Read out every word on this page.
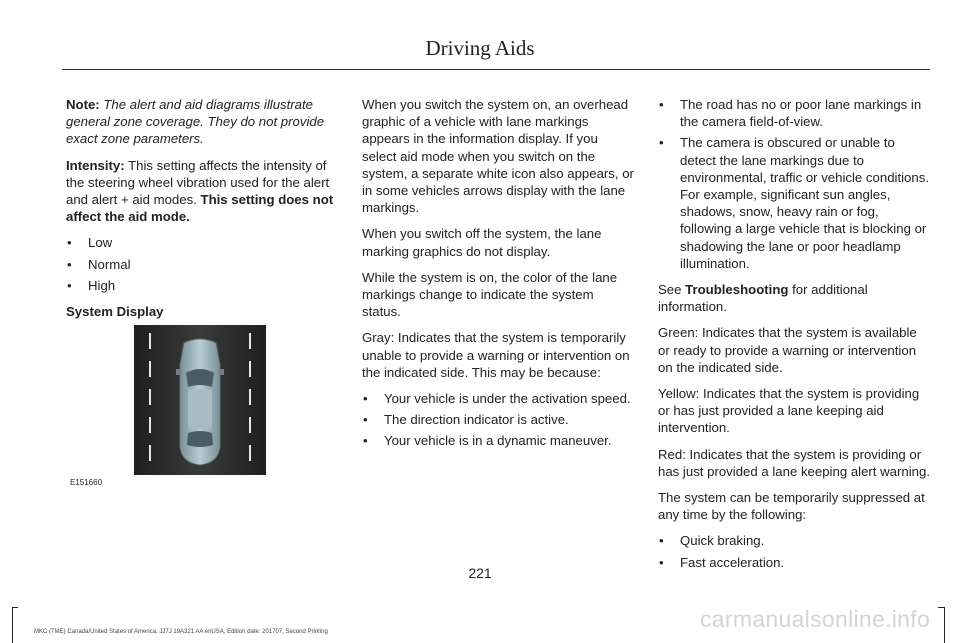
Driving Aids

Note: The alert and aid diagrams illustrate general zone coverage. They do not provide exact zone parameters.

Intensity: This setting affects the intensity of the steering wheel vibration used for the alert and alert + aid modes. This setting does not affect the aid mode.

• Low
• Normal
• High

System Display

E151660

When you switch the system on, an overhead graphic of a vehicle with lane markings appears in the information display. If you select aid mode when you switch on the system, a separate white icon also appears, or in some vehicles arrows display with the lane markings.

When you switch off the system, the lane marking graphics do not display.

While the system is on, the color of the lane markings change to indicate the system status.

Gray: Indicates that the system is temporarily unable to provide a warning or intervention on the indicated side. This may be because:

• Your vehicle is under the activation speed.
• The direction indicator is active.
• Your vehicle is in a dynamic maneuver.
• The road has no or poor lane markings in the camera field-of-view.
• The camera is obscured or unable to detect the lane markings due to environmental, traffic or vehicle conditions. For example, significant sun angles, shadows, snow, heavy rain or fog, following a large vehicle that is blocking or shadowing the lane or poor headlamp illumination.

See Troubleshooting for additional information.

Green: Indicates that the system is available or ready to provide a warning or intervention on the indicated side.

Yellow: Indicates that the system is providing or has just provided a lane keeping aid intervention.

Red: Indicates that the system is providing or has just provided a lane keeping alert warning.

The system can be temporarily suppressed at any time by the following:

• Quick braking.
• Fast acceleration.
221
carmanualsonline.info
MKC (TME) Canada/United States of America, JJ7J 19A321 AA enUSA, Edition date: 201707, Second Printing
